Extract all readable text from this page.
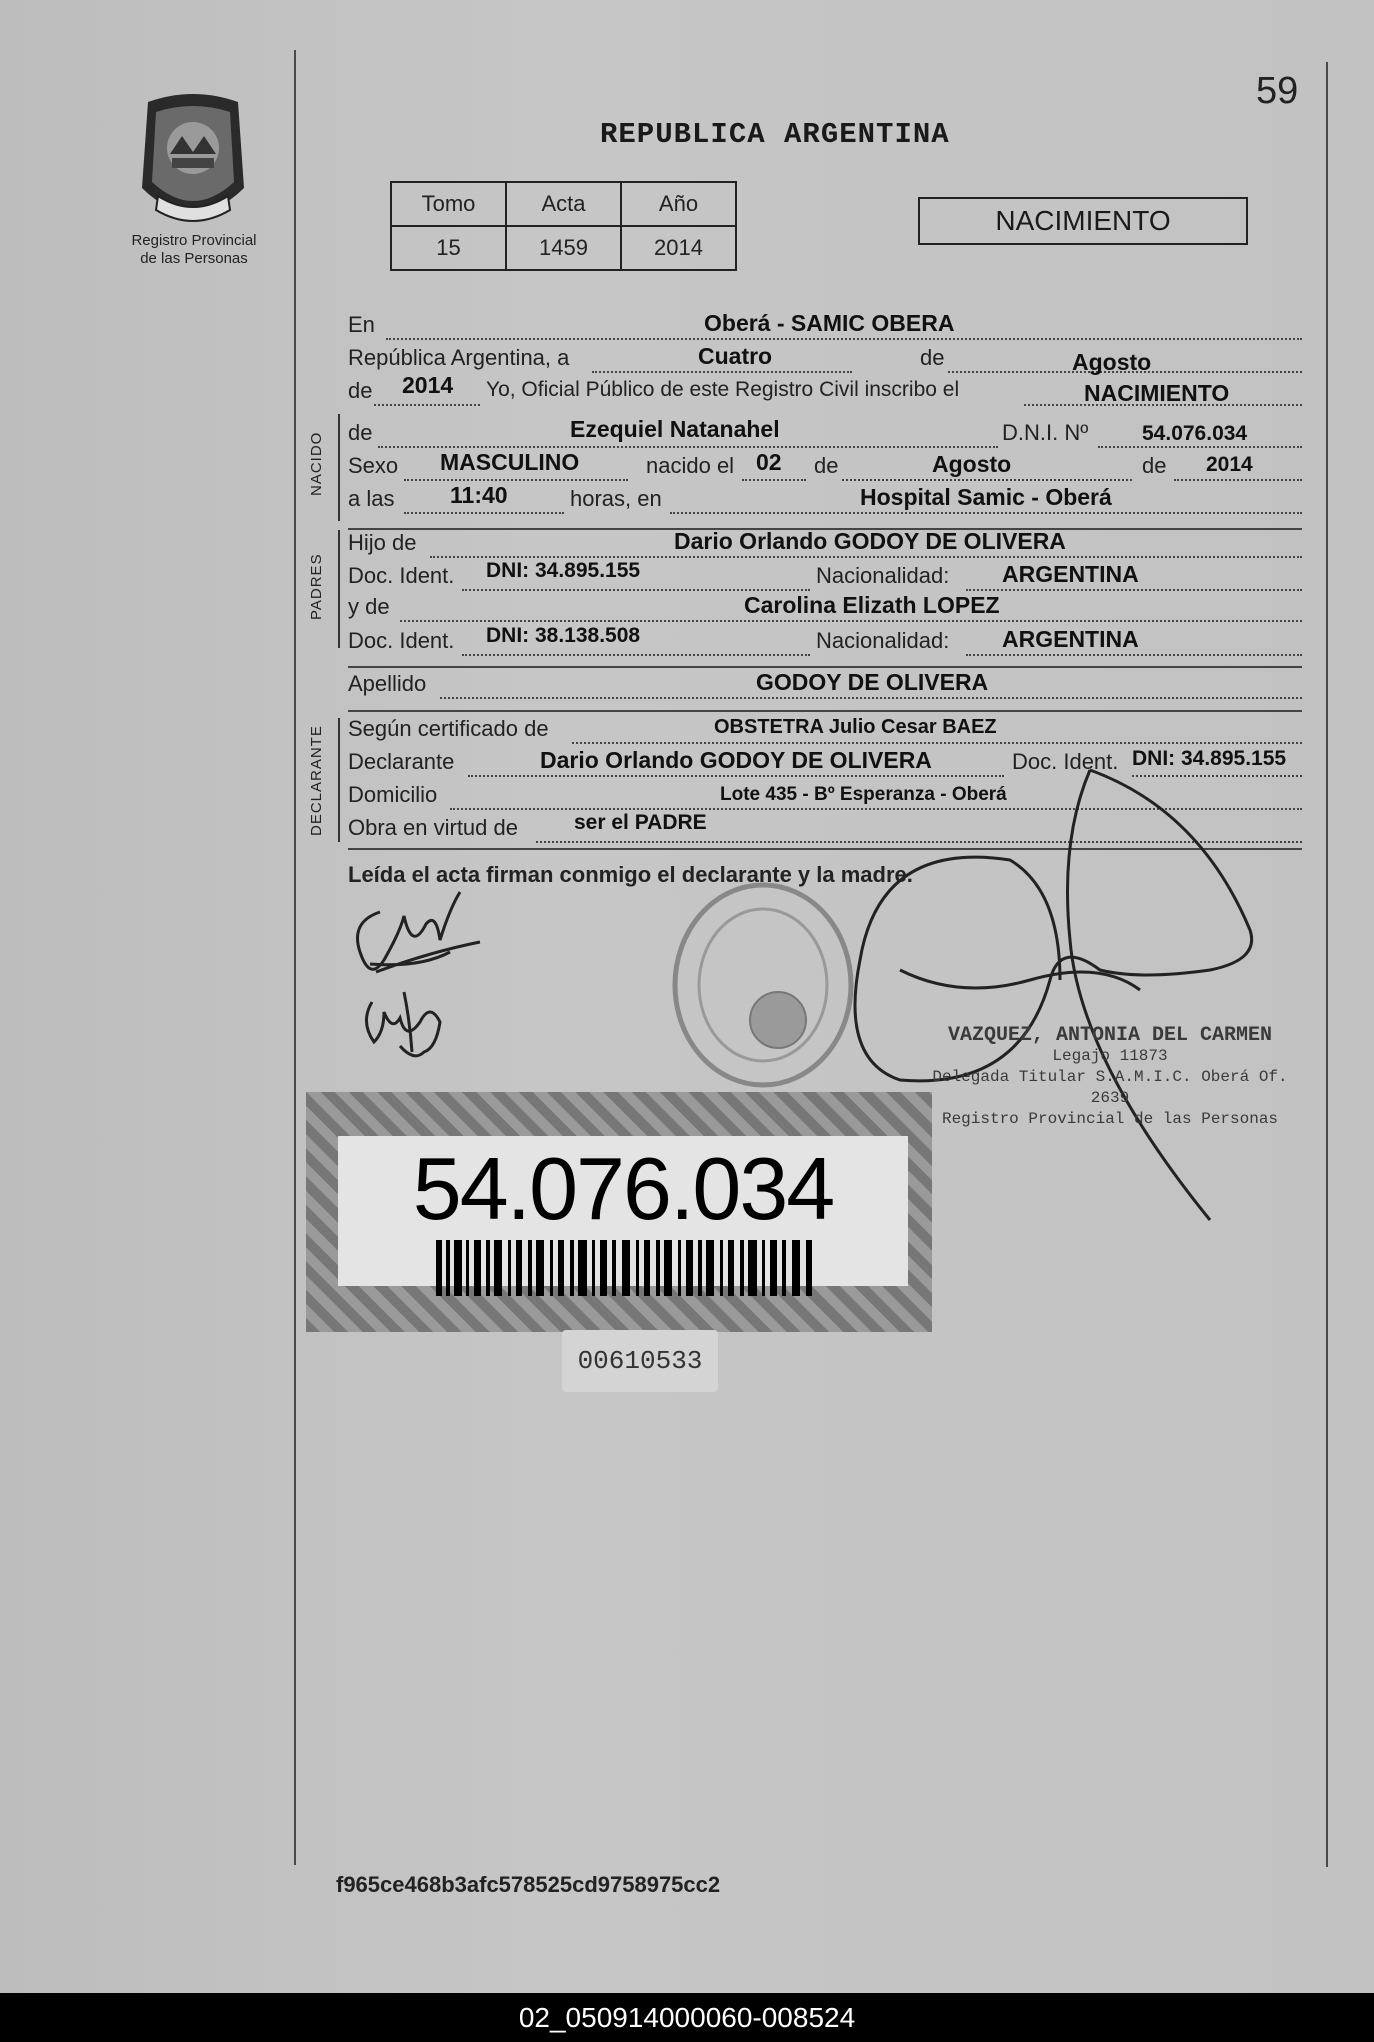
59
Registro Provincial
de las Personas
REPUBLICA ARGENTINA
Tomo	Acta	Año
15	1459	2014
NACIMIENTO
En	Oberá - SAMIC OBERA
República Argentina, a	Cuatro	de	Agosto
de 2014 Yo, Oficial Público de este Registro Civil inscribo el	NACIMIENTO
NACIDO de	Ezequiel Natanahel	D.N.I. Nº	54.076.034
Sexo MASCULINO	nacido el 02 de	Agosto	de 2014
a las 11:40	horas, en	Hospital Samic - Oberá
PADRES
Hijo de	Dario Orlando GODOY DE OLIVERA
Doc. Ident. DNI: 34.895.155	Nacionalidad: ARGENTINA
y de	Carolina Elizath LOPEZ
Doc. Ident. DNI: 38.138.508	Nacionalidad: ARGENTINA
Apellido	GODOY DE OLIVERA
DECLARANTE Según certificado de	OBSTETRA Julio Cesar BAEZ
Declarante	Dario Orlando GODOY DE OLIVERA	Doc. Ident. DNI: 34.895.155
Domicilio	Lote 435 - Bº Esperanza - Oberá
Obra en virtud de	ser el PADRE
Leída el acta firman conmigo el declarante y la madre.
VAZQUEZ, ANTONIA DEL CARMEN
Legajo 11873
Delegada Titular S.A.M.I.C. Oberá Of. 2639
Registro Provincial de las Personas
54.076.034
00610533
f965ce468b3afc578525cd9758975cc2
02_050914000060-008524
